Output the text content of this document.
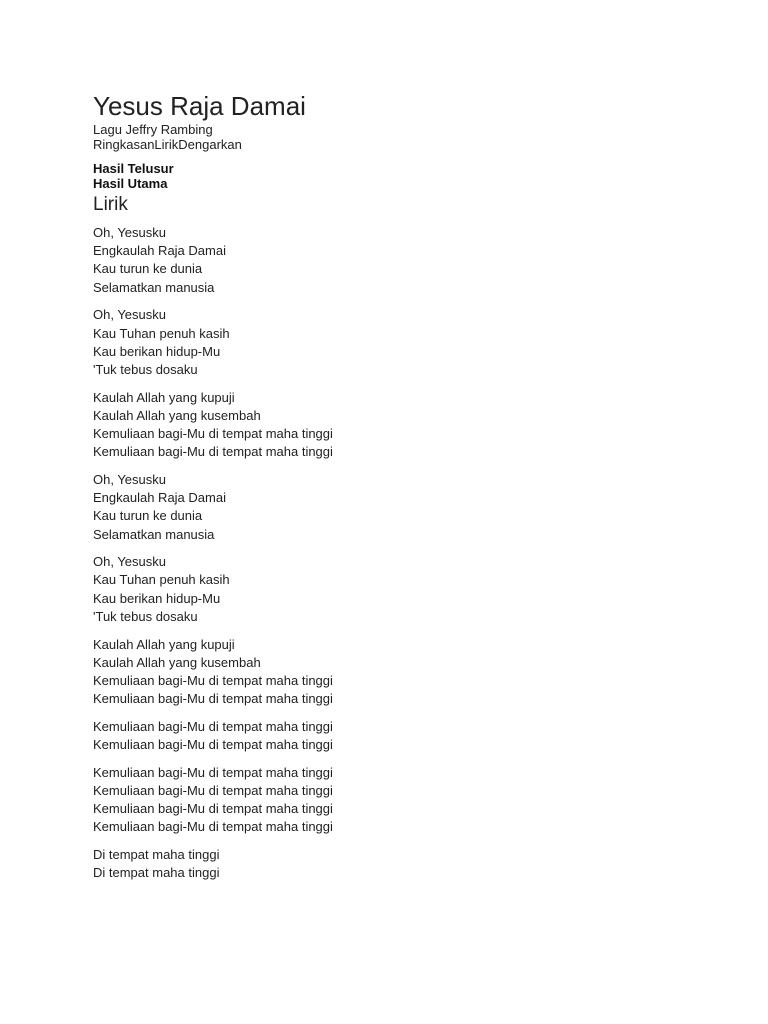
Yesus Raja Damai
Lagu Jeffry Rambing
RingkasanLirikDengarkan
Hasil Telusur
Hasil Utama
Lirik
Oh, Yesusku
Engkaulah Raja Damai
Kau turun ke dunia
Selamatkan manusia
Oh, Yesusku
Kau Tuhan penuh kasih
Kau berikan hidup-Mu
'Tuk tebus dosaku
Kaulah Allah yang kupuji
Kaulah Allah yang kusembah
Kemuliaan bagi-Mu di tempat maha tinggi
Kemuliaan bagi-Mu di tempat maha tinggi
Oh, Yesusku
Engkaulah Raja Damai
Kau turun ke dunia
Selamatkan manusia
Oh, Yesusku
Kau Tuhan penuh kasih
Kau berikan hidup-Mu
'Tuk tebus dosaku
Kaulah Allah yang kupuji
Kaulah Allah yang kusembah
Kemuliaan bagi-Mu di tempat maha tinggi
Kemuliaan bagi-Mu di tempat maha tinggi
Kemuliaan bagi-Mu di tempat maha tinggi
Kemuliaan bagi-Mu di tempat maha tinggi
Kemuliaan bagi-Mu di tempat maha tinggi
Kemuliaan bagi-Mu di tempat maha tinggi
Kemuliaan bagi-Mu di tempat maha tinggi
Kemuliaan bagi-Mu di tempat maha tinggi
Di tempat maha tinggi
Di tempat maha tinggi
